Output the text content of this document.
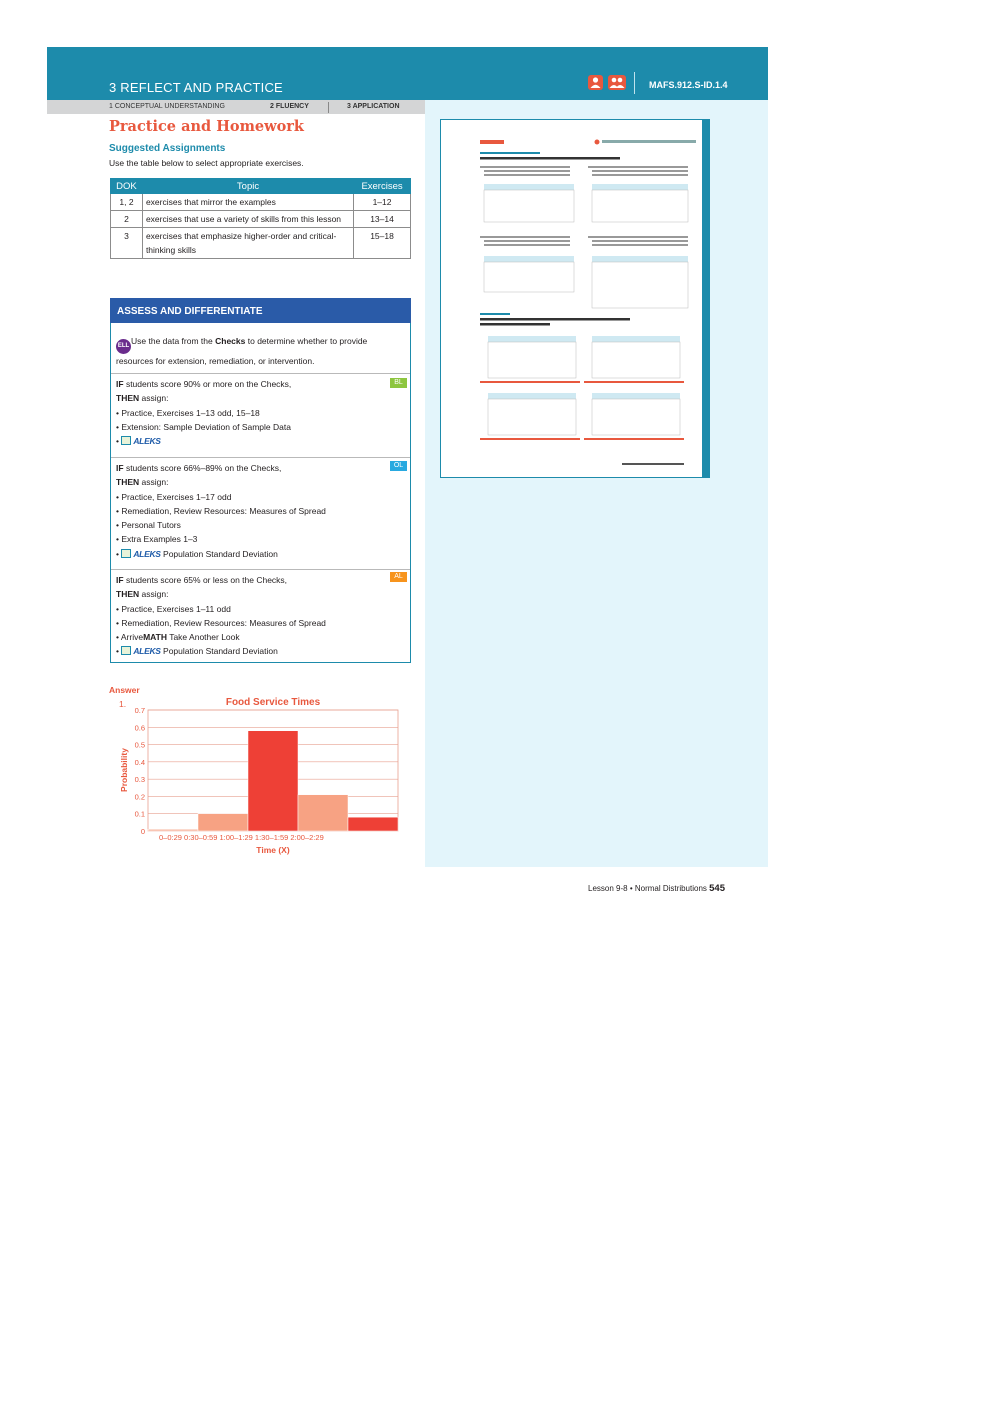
3 REFLECT AND PRACTICE	MAFS.912.S-ID.1.4
1 CONCEPTUAL UNDERSTANDING	2 FLUENCY	3 APPLICATION
Practice and Homework
Suggested Assignments
Use the table below to select appropriate exercises.
DOK	Topic	Exercises
1, 2	exercises that mirror the examples	1–12
2	exercises that use a variety of skills from this lesson	13–14
3	exercises that emphasize higher-order and critical-thinking skills	15–18
ASSESS AND DIFFERENTIATE
ELL Use the data from the Checks to determine whether to provide resources for extension, remediation, or intervention.
IF students score 90% or more on the Checks,
THEN assign:
• Practice, Exercises 1–13 odd, 15–18
• Extension: Sample Deviation of Sample Data
• ALEKS
BL
IF students score 66%–89% on the Checks,
THEN assign:
• Practice, Exercises 1–17 odd
• Remediation, Review Resources: Measures of Spread
• Personal Tutors
• Extra Examples 1–3
• ALEKS Population Standard Deviation
OL
IF students score 65% or less on the Checks,
THEN assign:
• Practice, Exercises 1–11 odd
• Remediation, Review Resources: Measures of Spread
• ArriveMATH Take Another Look
• ALEKS Population Standard Deviation
AL
Answer
1.	Food Service Times
0
0.1
0.2
0.3
0.4
0.5
0.6
0.7
0–0:29 0:30–0:59 1:00–1:29 1:30–1:59 2:00–2:29
Time (X)
Probability
Lesson 9-8 • Normal Distributions 545
